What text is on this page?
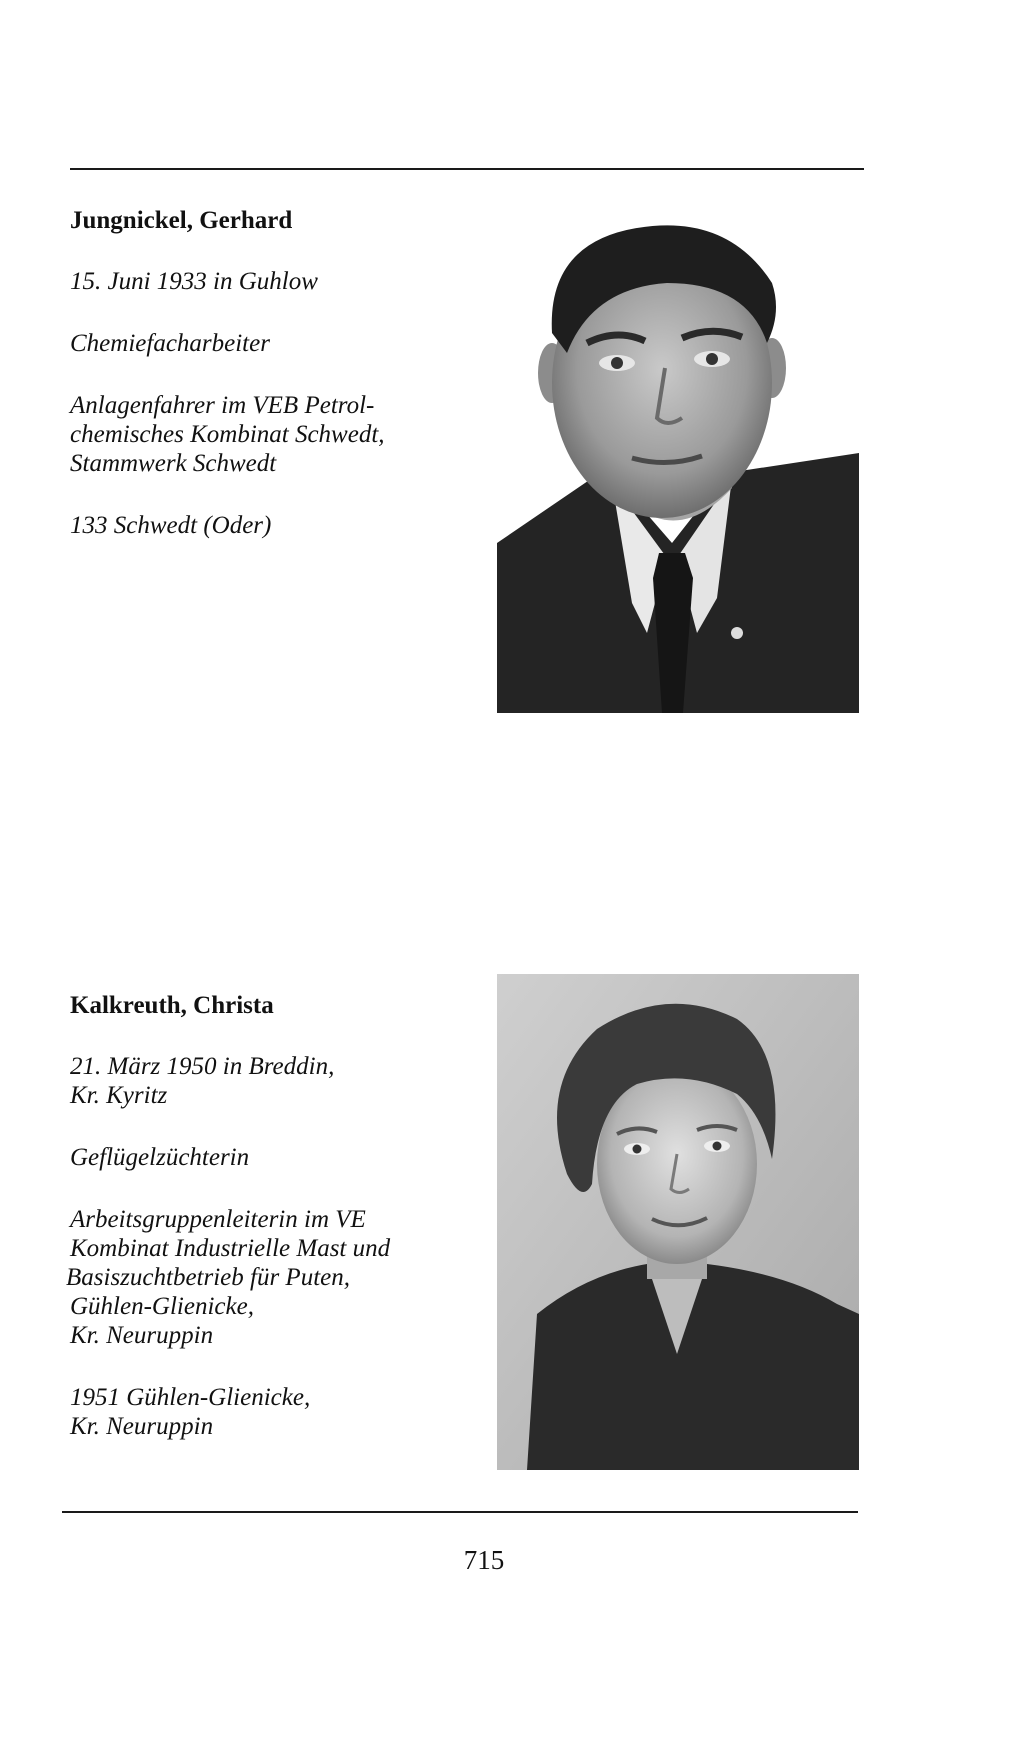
Jungnickel, Gerhard
15. Juni 1933 in Guhlow
Chemiefacharbeiter
Anlagenfahrer im VEB Petrol-
chemisches Kombinat Schwedt,
Stammwerk Schwedt
133 Schwedt (Oder)
Kalkreuth, Christa
21. März 1950 in Breddin,
Kr. Kyritz
Geflügelzüchterin
Arbeitsgruppenleiterin im VE
Kombinat Industrielle Mast und
Basiszuchtbetrieb für Puten,
Gühlen-Glienicke,
Kr. Neuruppin
1951 Gühlen-Glienicke,
Kr. Neuruppin
715
